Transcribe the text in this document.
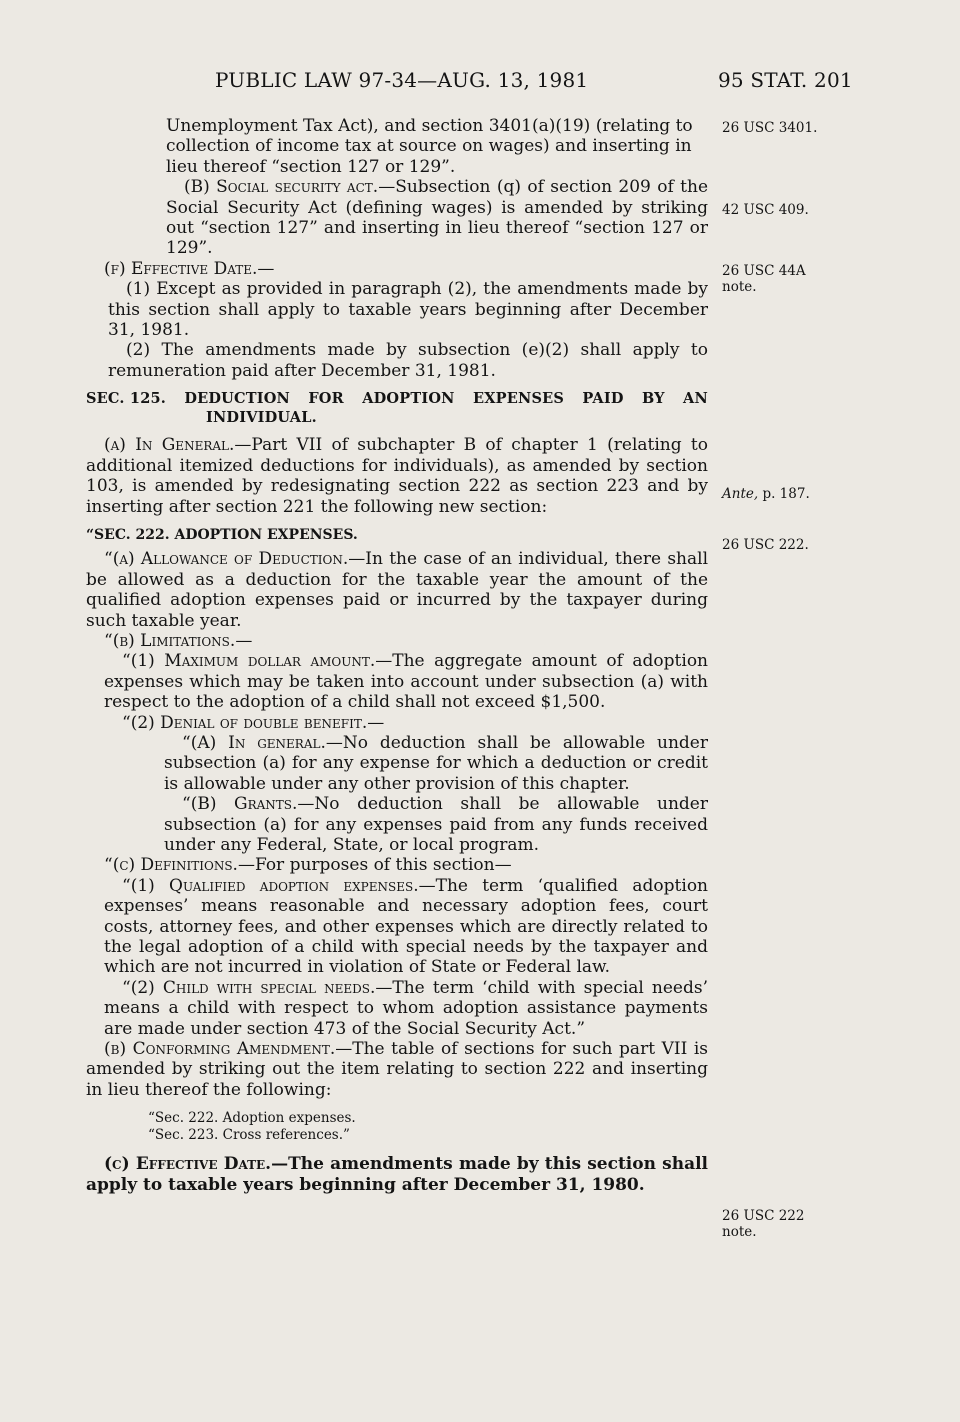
PUBLIC LAW 97-34—AUG. 13, 1981	95 STAT. 201
26 USC 3401.
42 USC 409.
26 USC 44A
note.
Ante, p. 187.
26 USC 222.
26 USC 222
note.

Unemployment Tax Act), and section 3401(a)(19) (relating to

collection of income tax at source on wages) and inserting in

lieu thereof “section 127 or 129”.

(B) Social security act.—Subsection (q) of section 209 of the Social Security Act (defining wages) is amended by striking out “section 127” and inserting in lieu thereof “section 127 or 129”.

(f) Effective Date.—

(1) Except as provided in paragraph (2), the amendments made by this section shall apply to taxable years beginning after December 31, 1981.

(2) The amendments made by subsection (e)(2) shall apply to remuneration paid after December 31, 1981.

SEC. 125. DEDUCTION FOR ADOPTION EXPENSES PAID BY AN
INDIVIDUAL.

(a) In General.—Part VII of subchapter B of chapter 1 (relating to additional itemized deductions for individuals), as amended by section 103, is amended by redesignating section 222 as section 223 and by inserting after section 221 the following new section:

“SEC. 222. ADOPTION EXPENSES.

“(a) Allowance of Deduction.—In the case of an individual, there shall be allowed as a deduction for the taxable year the amount of the qualified adoption expenses paid or incurred by the taxpayer during such taxable year.

“(b) Limitations.—

“(1) Maximum dollar amount.—The aggregate amount of adoption expenses which may be taken into account under subsection (a) with respect to the adoption of a child shall not exceed $1,500.

“(2) Denial of double benefit.—

“(A) In general.—No deduction shall be allowable under subsection (a) for any expense for which a deduction or credit is allowable under any other provision of this chapter.

“(B) Grants.—No deduction shall be allowable under subsection (a) for any expenses paid from any funds received under any Federal, State, or local program.

“(c) Definitions.—For purposes of this section—

“(1) Qualified adoption expenses.—The term ‘qualified adoption expenses’ means reasonable and necessary adoption fees, court costs, attorney fees, and other expenses which are directly related to the legal adoption of a child with special needs by the taxpayer and which are not incurred in violation of State or Federal law.

“(2) Child with special needs.—The term ‘child with special needs’ means a child with respect to whom adoption assistance payments are made under section 473 of the Social Security Act.”

(b) Conforming Amendment.—The table of sections for such part VII is amended by striking out the item relating to section 222 and inserting in lieu thereof the following:

“Sec. 222. Adoption expenses.

“Sec. 223. Cross references.”

(c) Effective Date.—The amendments made by this section shall apply to taxable years beginning after December 31, 1980.
